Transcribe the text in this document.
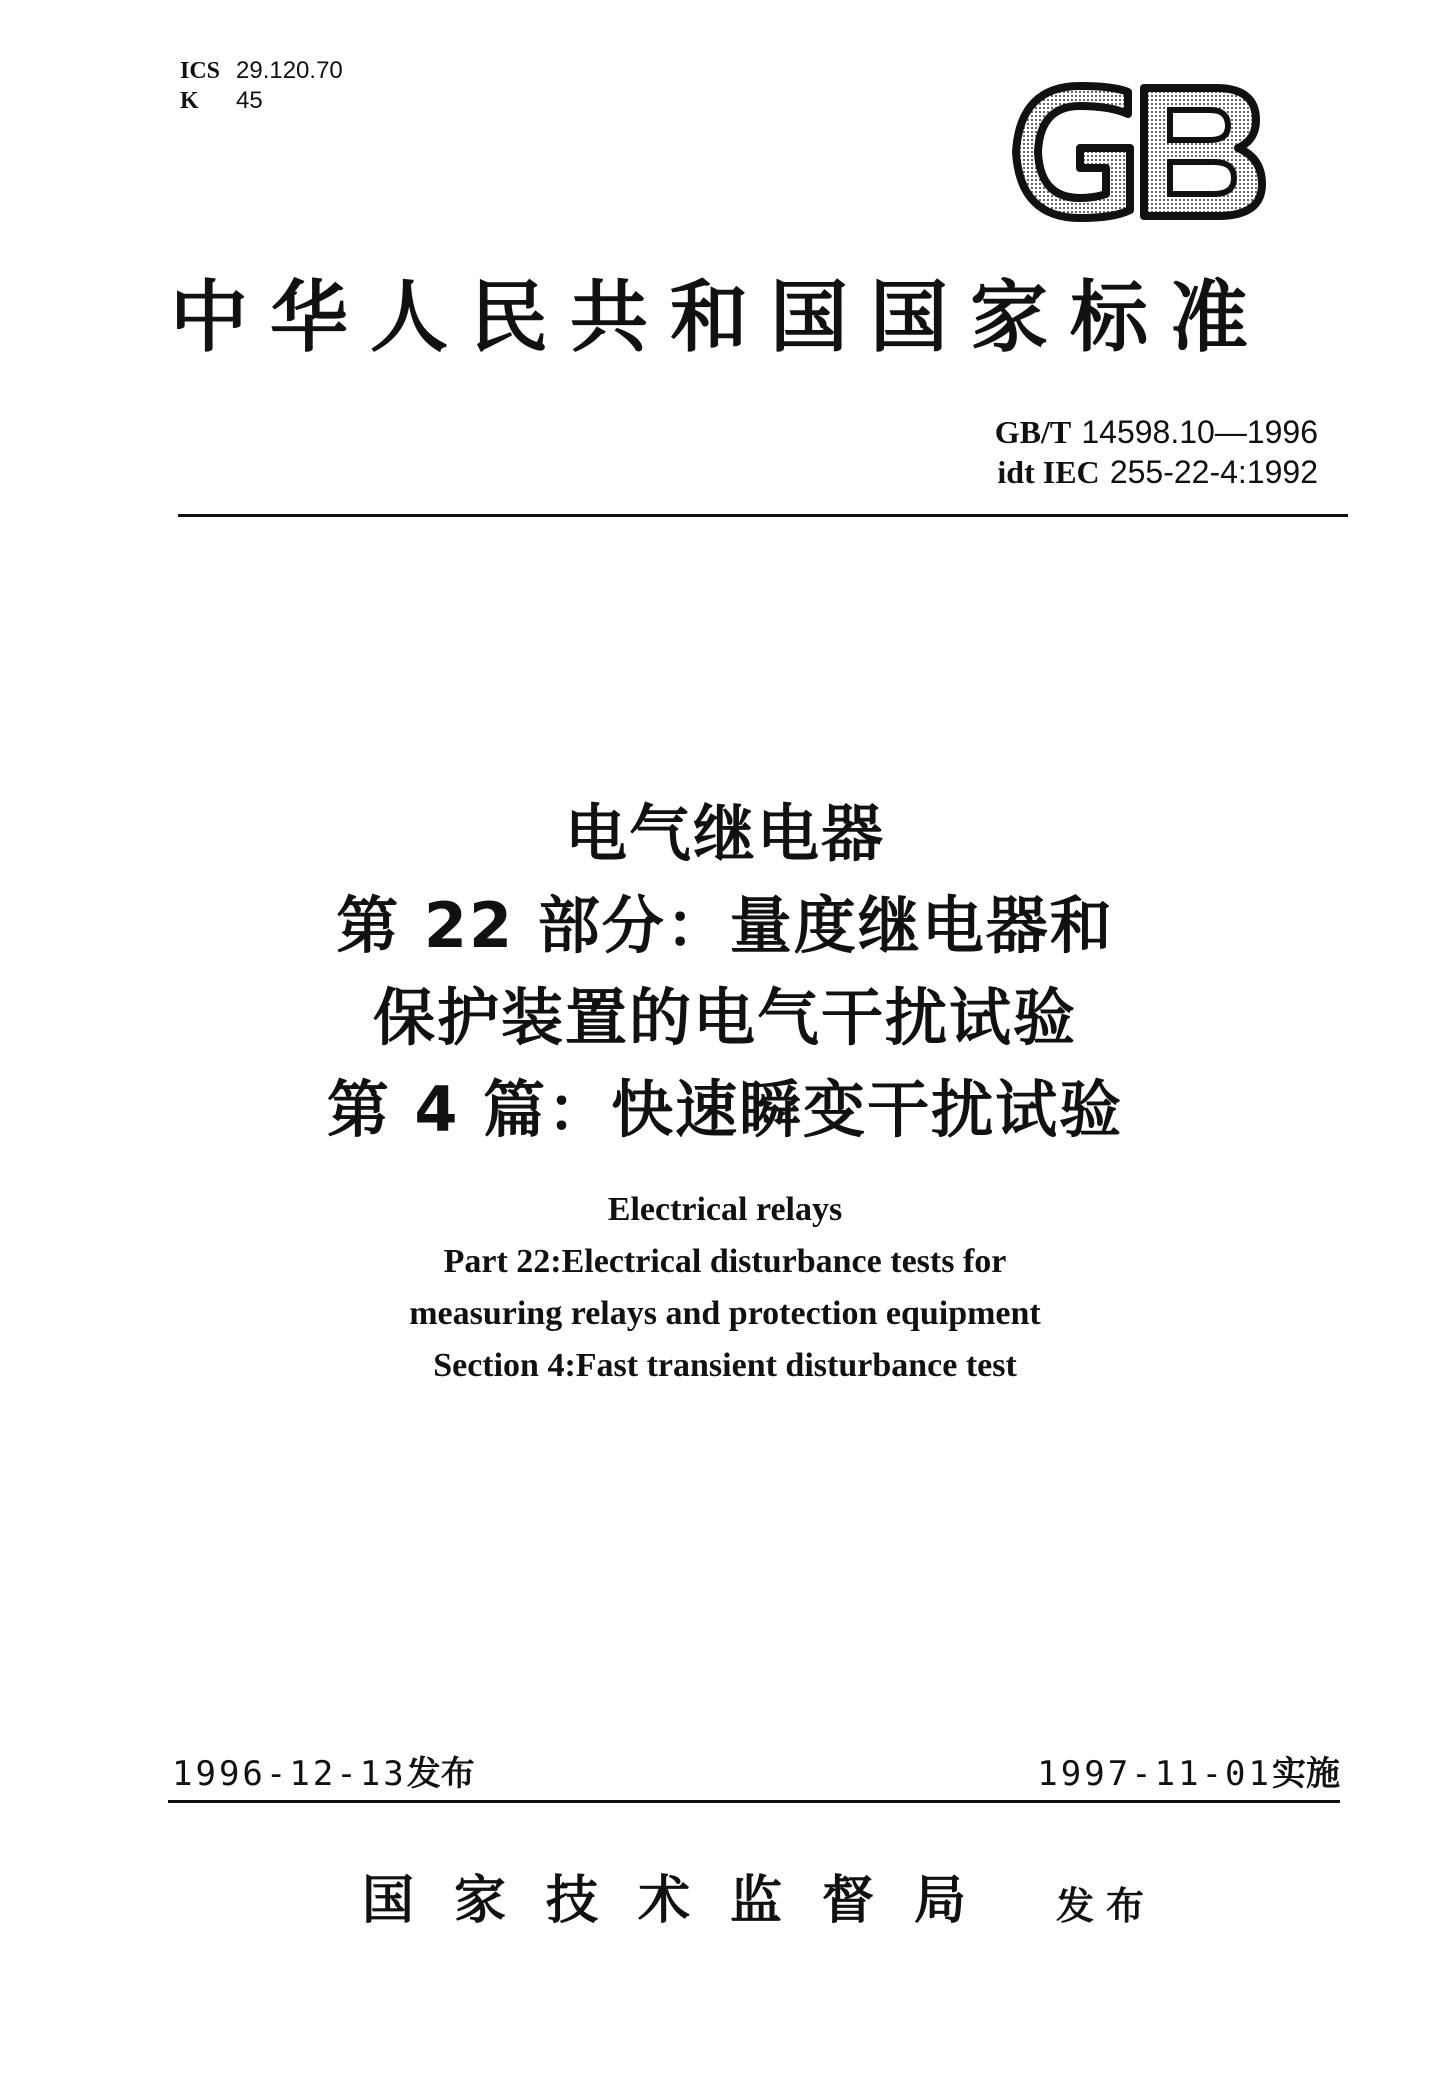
ICS 29.120.70
K 45
中华人民共和国国家标准
GB/T 14598.10—1996
idt IEC 255-22-4:1992
电气继电器
第 22 部分：量度继电器和
保护装置的电气干扰试验
第 4 篇：快速瞬变干扰试验
Electrical relays
Part 22:Electrical disturbance tests for
measuring relays and protection equipment
Section 4:Fast transient disturbance test
1996-12-13发布	1997-11-01实施
国家技术监督局 发布
